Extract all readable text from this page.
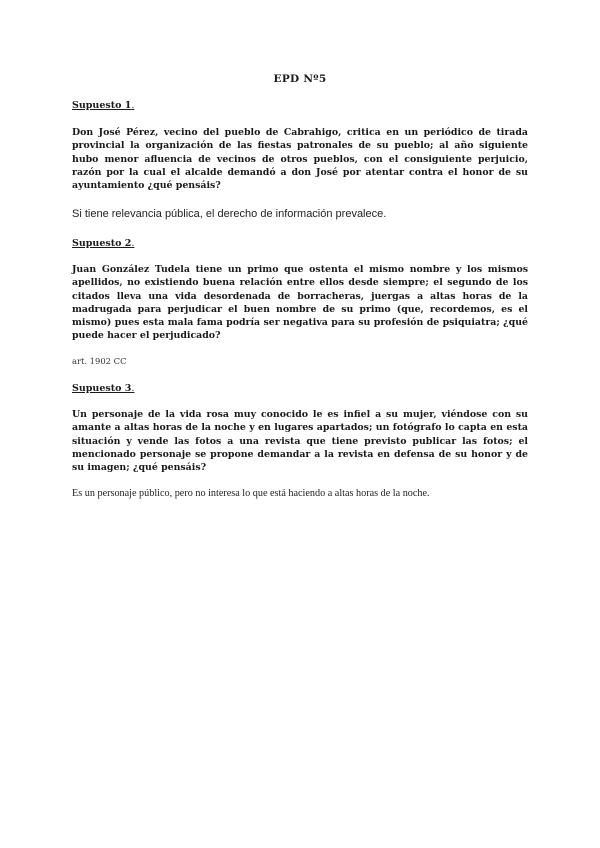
EPD Nº5
Supuesto 1.
Don José Pérez, vecino del pueblo de Cabrahigo, critica en un periódico de tirada provincial la organización de las fiestas patronales de su pueblo; al año siguiente hubo menor afluencia de vecinos de otros pueblos, con el consiguiente perjuicio, razón por la cual el alcalde demandó a don José por atentar contra el honor de su ayuntamiento ¿qué pensáis?
Si tiene relevancia pública, el derecho de información prevalece.
Supuesto 2.
Juan González Tudela tiene un primo que ostenta el mismo nombre y los mismos apellidos, no existiendo buena relación entre ellos desde siempre; el segundo de los citados lleva una vida desordenada de borracheras, juergas a altas horas de la madrugada para perjudicar el buen nombre de su primo (que, recordemos, es el mismo) pues esta mala fama podría ser negativa para su profesión de psiquiatra; ¿qué puede hacer el perjudicado?
art. 1902 CC
Supuesto 3.
Un personaje de la vida rosa muy conocido le es infiel a su mujer, viéndose con su amante a altas horas de la noche y en lugares apartados; un fotógrafo lo capta en esta situación y vende las fotos a una revista que tiene previsto publicar las fotos; el mencionado personaje se propone demandar a la revista en defensa de su honor y de su imagen; ¿qué pensáis?
Es un personaje público, pero no interesa lo que está haciendo a altas horas de la noche.
